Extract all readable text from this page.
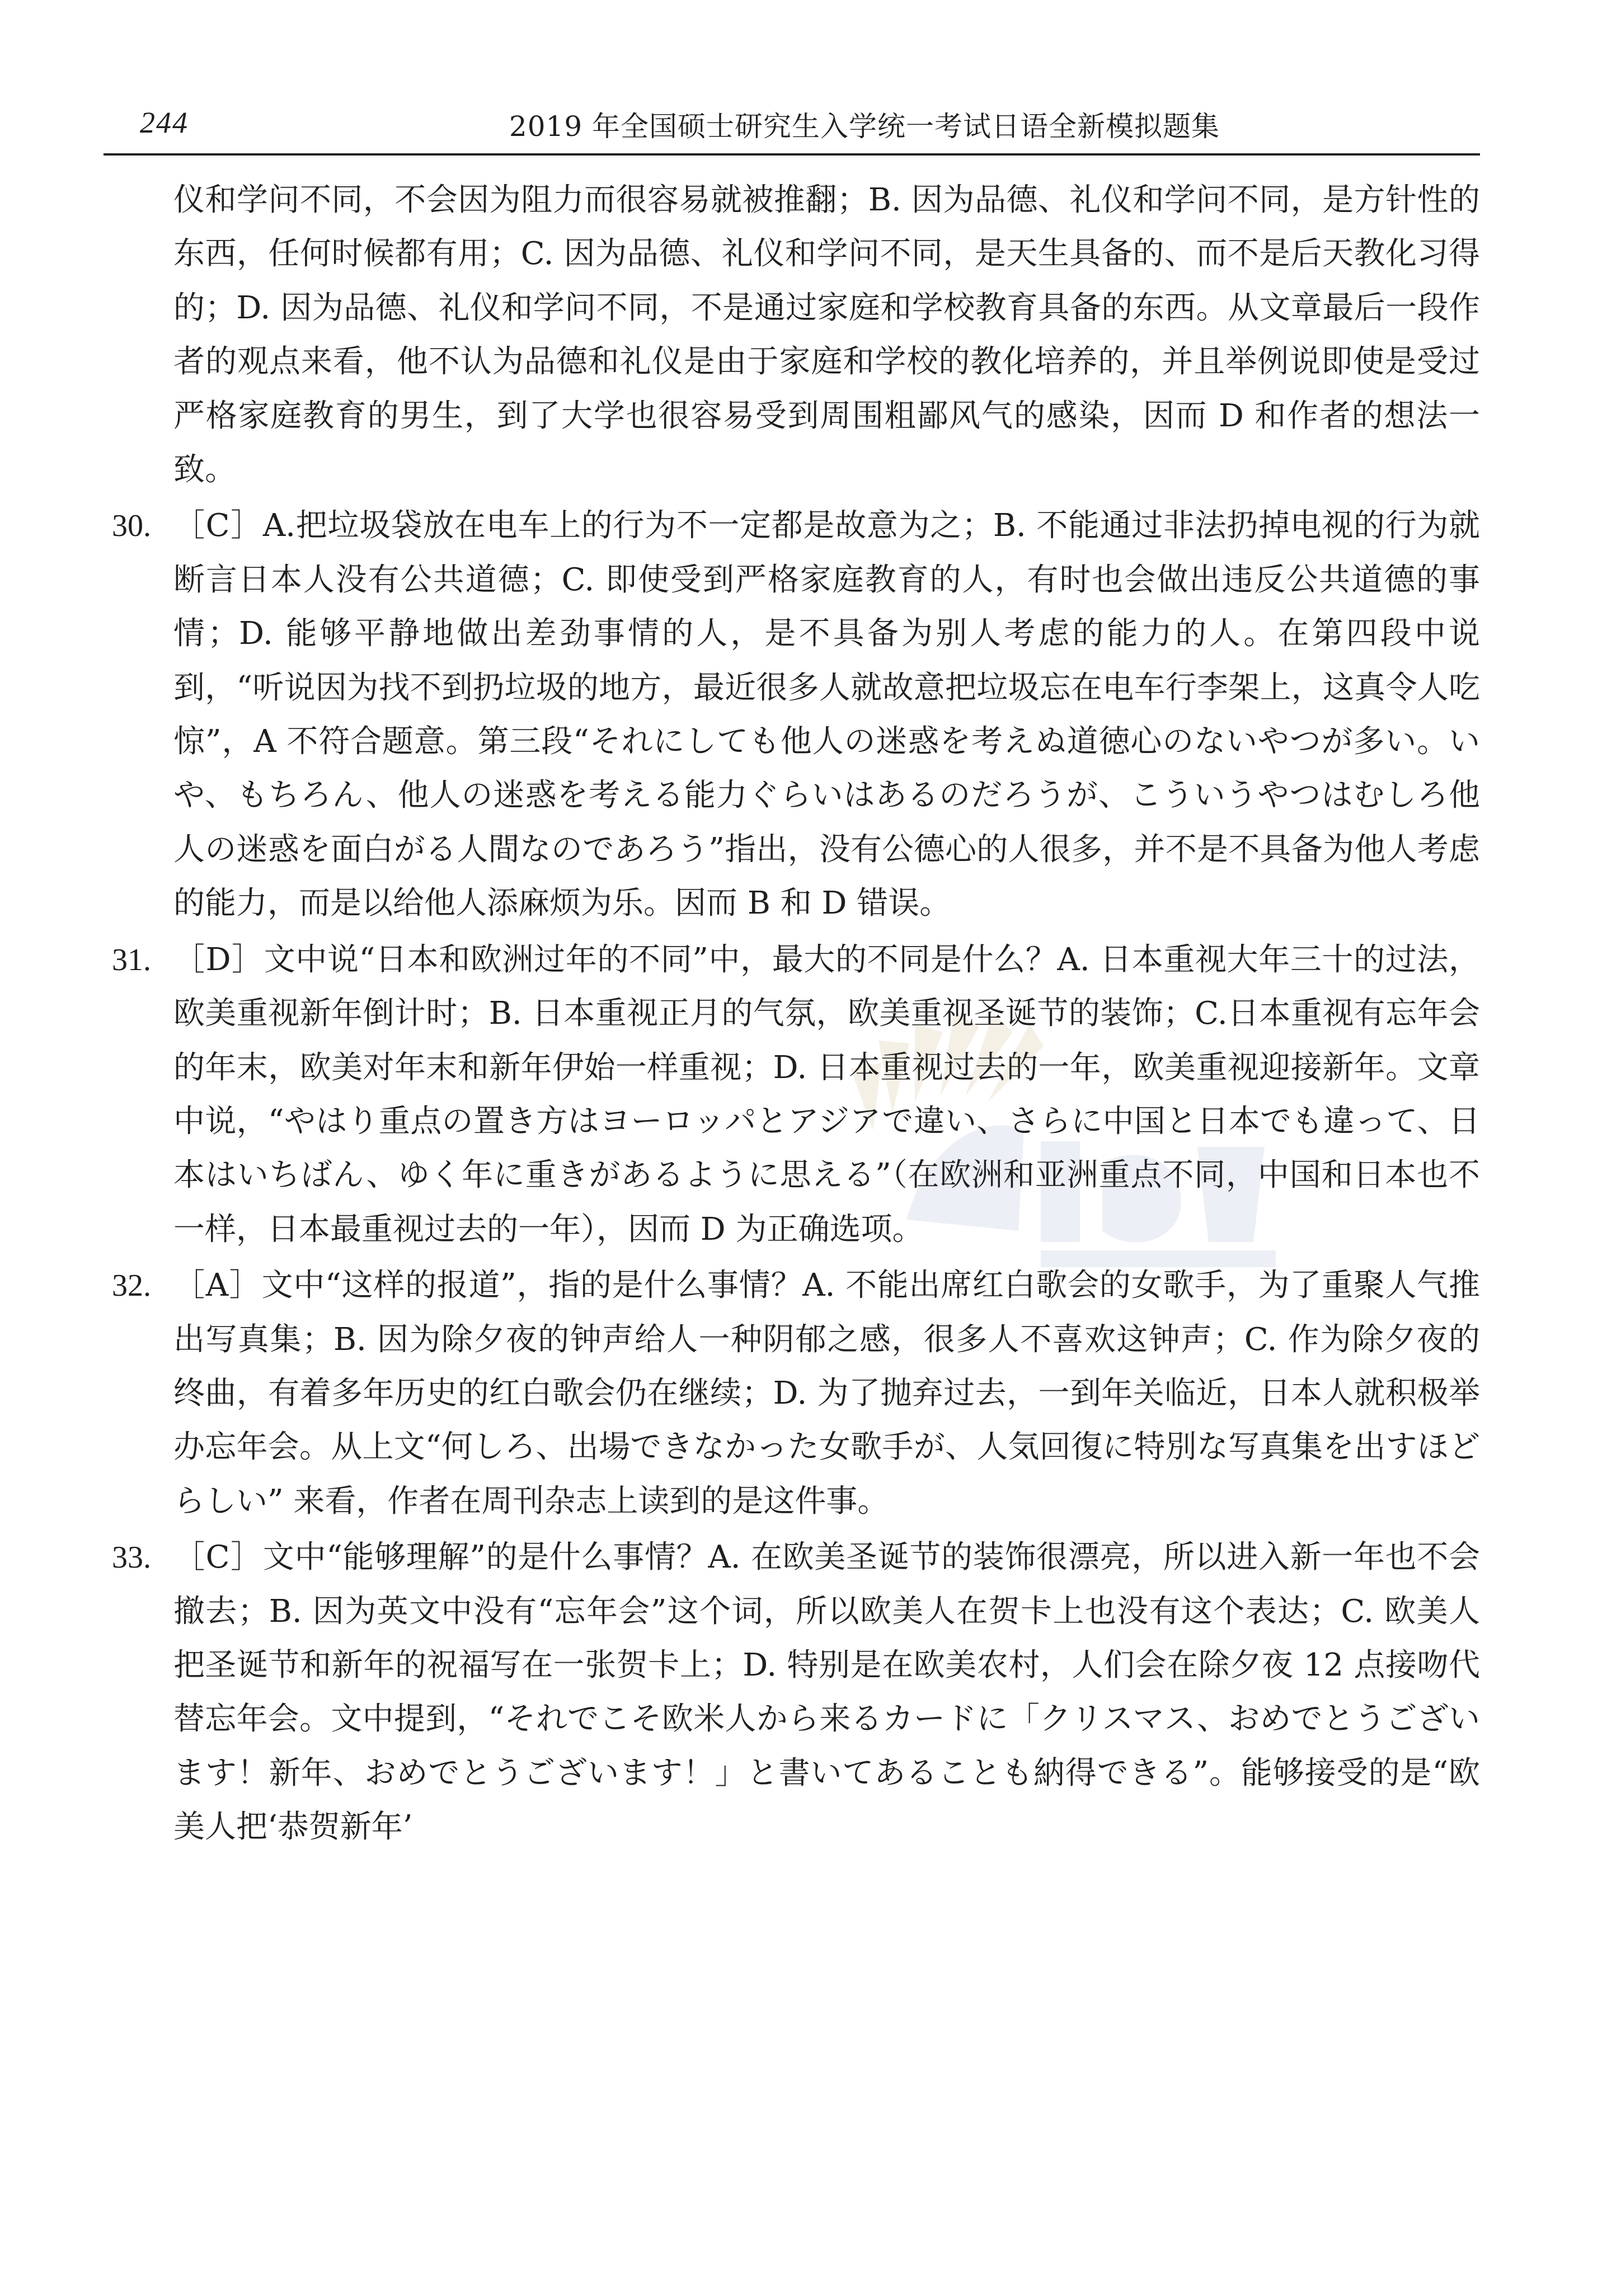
244	2019 年全国硕士研究生入学统一考试日语全新模拟题集

仪和学问不同，不会因为阻力而很容易就被推翻；B. 因为品德、礼仪和学问不同，是方针性的东西，任何时候都有用；C. 因为品德、礼仪和学问不同，是天生具备的、而不是后天教化习得的；D. 因为品德、礼仪和学问不同，不是通过家庭和学校教育具备的东西。从文章最后一段作者的观点来看，他不认为品德和礼仪是由于家庭和学校的教化培养的，并且举例说即使是受过严格家庭教育的男生，到了大学也很容易受到周围粗鄙风气的感染，因而 D 和作者的想法一致。

30. ［C］A.把垃圾袋放在电车上的行为不一定都是故意为之；B. 不能通过非法扔掉电视的行为就断言日本人没有公共道德；C. 即使受到严格家庭教育的人，有时也会做出违反公共道德的事情；D. 能够平静地做出差劲事情的人，是不具备为别人考虑的能力的人。在第四段中说到，“听说因为找不到扔垃圾的地方，最近很多人就故意把垃圾忘在电车行李架上，这真令人吃惊”，A 不符合题意。第三段“それにしても他人の迷惑を考えぬ道徳心のないやつが多い。いや、もちろん、他人の迷惑を考える能力ぐらいはあるのだろうが、こういうやつはむしろ他人の迷惑を面白がる人間なのであろう”指出，没有公德心的人很多，并不是不具备为他人考虑的能力，而是以给他人添麻烦为乐。因而 B 和 D 错误。

31. ［D］文中说“日本和欧洲过年的不同”中，最大的不同是什么？A. 日本重视大年三十的过法，欧美重视新年倒计时；B. 日本重视正月的气氛，欧美重视圣诞节的装饰；C.日本重视有忘年会的年末，欧美对年末和新年伊始一样重视；D. 日本重视过去的一年，欧美重视迎接新年。文章中说，“やはり重点の置き方はヨーロッパとアジアで違い、さらに中国と日本でも違って、日本はいちばん、ゆく年に重きがあるように思える”（在欧洲和亚洲重点不同，中国和日本也不一样，日本最重视过去的一年），因而 D 为正确选项。

32. ［A］文中“这样的报道”，指的是什么事情？A. 不能出席红白歌会的女歌手，为了重聚人气推出写真集；B. 因为除夕夜的钟声给人一种阴郁之感，很多人不喜欢这钟声；C. 作为除夕夜的终曲，有着多年历史的红白歌会仍在继续；D. 为了抛弃过去，一到年关临近，日本人就积极举办忘年会。从上文“何しろ、出場できなかった女歌手が、人気回復に特別な写真集を出すほどらしい” 来看，作者在周刊杂志上读到的是这件事。

33. ［C］文中“能够理解”的是什么事情？A. 在欧美圣诞节的装饰很漂亮，所以进入新一年也不会撤去；B. 因为英文中没有“忘年会”这个词，所以欧美人在贺卡上也没有这个表达；C. 欧美人把圣诞节和新年的祝福写在一张贺卡上；D. 特别是在欧美农村，人们会在除夕夜 12 点接吻代替忘年会。文中提到，“それでこそ欧米人から来るカードに「クリスマス、おめでとうございます！新年、おめでとうございます！」と書いてあることも納得できる”。能够接受的是“欧美人把‘恭贺新年’
